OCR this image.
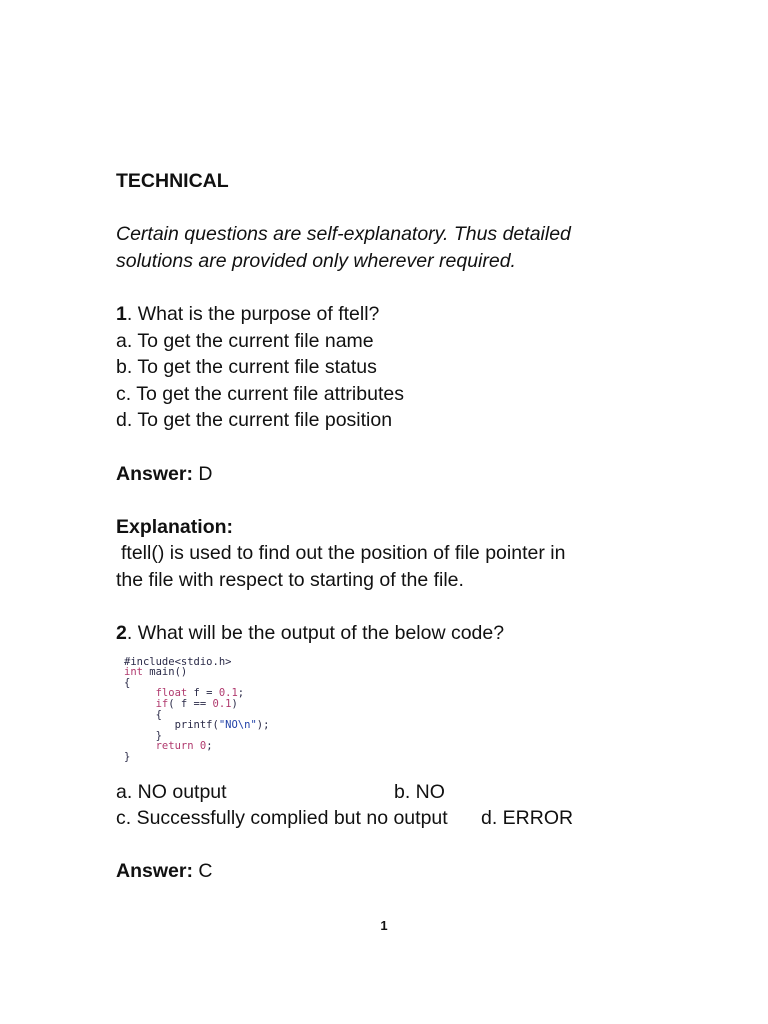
TECHNICAL

Certain questions are self-explanatory. Thus detailed

solutions are provided only wherever required.

1. What is the purpose of ftell?

a. To get the current file name

b. To get the current file status

c. To get the current file attributes

d. To get the current file position

Answer: D

Explanation:

ftell() is used to find out the position of file pointer in

the file with respect to starting of the file.

2. What will be the output of the below code?

#include<stdio.h>
int main()
{
float f = 0.1;
if( f == 0.1)
{
printf("NO\n");
}
return 0;
}
a. NO output	b. NO
c. Successfully complied but no output	d. ERROR

Answer: C

1
